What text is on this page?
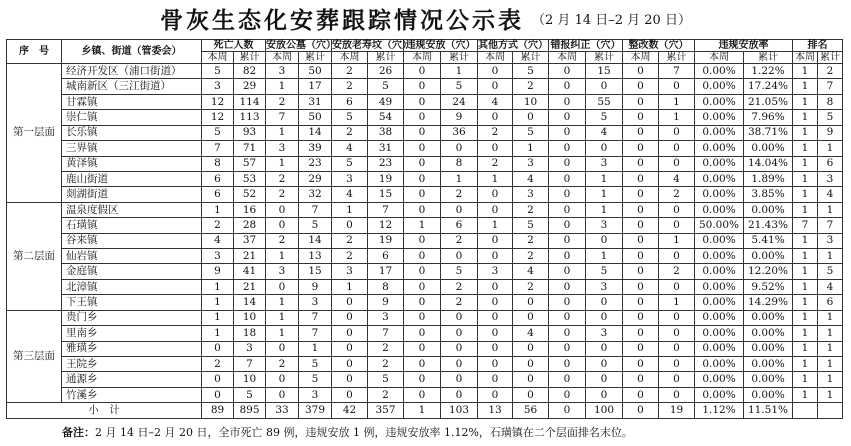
骨灰生态化安葬跟踪情况公示表 （2 月 14 日–2 月 20 日）
序　号	乡镇、街道（管委会）	死亡人数		安放公墓（穴）		安放老寿坟（穴）		违规安放（穴）		其他方式（穴）		错报纠正（穴）		整改数（穴）		违规安放率		排名	
		本周	累计	本周	累计	本周	累计	本周	累计	本周	累计	本周	累计	本周	累计	本周	累计	本周	累计
第一层面	经济开发区（浦口街道）	5	82	3	50	2	26	0	1	0	5	0	15	0	7	0.00%	1.22%	1	2
	城南新区（三江街道）	3	29	1	17	2	5	0	5	0	2	0	0	0	0	0.00%	17.24%	1	7
	甘霖镇	12	114	2	31	6	49	0	24	4	10	0	55	0	1	0.00%	21.05%	1	8
	崇仁镇	12	113	7	50	5	54	0	9	0	0	0	5	0	1	0.00%	7.96%	1	5
	长乐镇	5	93	1	14	2	38	0	36	2	5	0	4	0	0	0.00%	38.71%	1	9
	三界镇	7	71	3	39	4	31	0	0	0	1	0	0	0	0	0.00%	0.00%	1	1
	黄泽镇	8	57	1	23	5	23	0	8	2	3	0	3	0	0	0.00%	14.04%	1	6
	鹿山街道	6	53	2	29	3	19	0	1	1	4	0	1	0	4	0.00%	1.89%	1	3
	剡湖街道	6	52	2	32	4	15	0	2	0	3	0	1	0	2	0.00%	3.85%	1	4
第二层面	温泉度假区	1	16	0	7	1	7	0	0	0	2	0	1	0	0	0.00%	0.00%	1	1
	石璜镇	2	28	0	5	0	12	1	6	1	5	0	3	0	0	50.00%	21.43%	7	7
	谷来镇	4	37	2	14	2	19	0	2	0	2	0	0	0	1	0.00%	5.41%	1	3
	仙岩镇	3	21	1	13	2	6	0	0	0	2	0	1	0	0	0.00%	0.00%	1	1
	金庭镇	9	41	3	15	3	17	0	5	3	4	0	5	0	2	0.00%	12.20%	1	5
	北漳镇	1	21	0	9	1	8	0	2	0	2	0	3	0	0	0.00%	9.52%	1	4
	下王镇	1	14	1	3	0	9	0	2	0	0	0	0	0	1	0.00%	14.29%	1	6
第三层面	贵门乡	1	10	1	7	0	3	0	0	0	0	0	0	0	0	0.00%	0.00%	1	1
	里南乡	1	18	1	7	0	7	0	0	0	4	0	3	0	0	0.00%	0.00%	1	1
	雅璜乡	0	3	0	1	0	2	0	0	0	0	0	0	0	0	0.00%	0.00%	1	1
	王院乡	2	7	2	5	0	2	0	0	0	0	0	0	0	0	0.00%	0.00%	1	1
	通源乡	0	10	0	5	0	5	0	0	0	0	0	0	0	0	0.00%	0.00%	1	1
	竹溪乡	0	5	0	3	0	2	0	0	0	0	0	0	0	0	0.00%	0.00%	1	1
小　计		89	895	33	379	42	357	1	103	13	56	0	100	0	19	1.12%	11.51%		
备注：2 月 14 日–2 月 20 日，全市死亡 89 例，违规安放 1 例，违规安放率 1.12%，石璜镇在二个层面排名末位。
